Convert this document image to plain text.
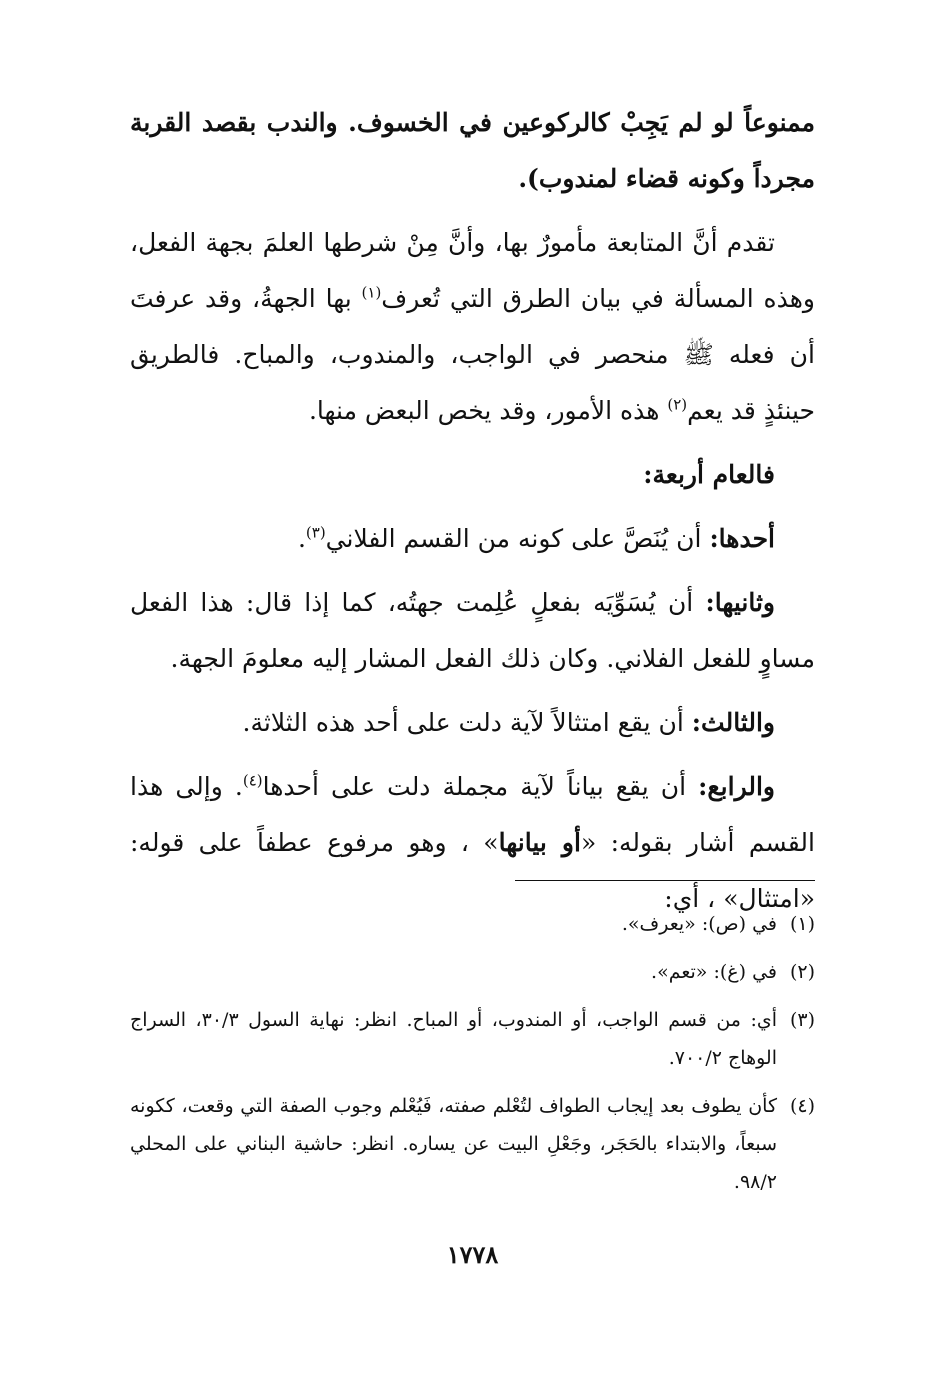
ممنوعاً لو لم يَجِبْ كالركوعين في الخسوف. والندب بقصد القربة مجرداً وكونه قضاء لمندوب).

تقدم أنَّ المتابعة مأمورٌ بها، وأنَّ مِنْ شرطها العلمَ بجهة الفعل، وهذه المسألة في بيان الطرق التي تُعرف$^{(١)}$ بها الجهةُ، وقد عرفتَ أن فعله ﷺ منحصر في الواجب، والمندوب، والمباح. فالطريق حينئذٍ قد يعم$^{(٢)}$ هذه الأمور، وقد يخص البعض منها.

فالعام أربعة:

أحدها: أن يُنَصَّ على كونه من القسم الفلاني$^{(٣)}$.

وثانيها: أن يُسَوِّيَه بفعلٍ عُلِمت جهتُه، كما إذا قال: هذا الفعل مساوٍ للفعل الفلاني. وكان ذلك الفعل المشار إليه معلومَ الجهة.

والثالث: أن يقع امتثالاً لآية دلت على أحد هذه الثلاثة.

والرابع: أن يقع بياناً لآية مجملة دلت على أحدها$^{(٤)}$. وإلى هذا القسم أشار بقوله: «أو بيانها» ، وهو مرفوع عطفاً على قوله: «امتثال» ، أي:

(١)
في (ص): «يعرف».
(٢)
في (غ): «تعم».
(٣)
أي: من قسم الواجب، أو المندوب، أو المباح. انظر: نهاية السول ٣٠/٣، السراج الوهاج ٧٠٠/٢.
(٤)
كأن يطوف بعد إيجاب الطواف لتُعْلم صفته، فَيُعْلم وجوب الصفة التي وقعت، ككونه سبعاً، والابتداء بالحَجَر، وجَعْلِ البيت عن يساره. انظر: حاشية البناني على المحلي ٩٨/٢.
١٧٧٨
